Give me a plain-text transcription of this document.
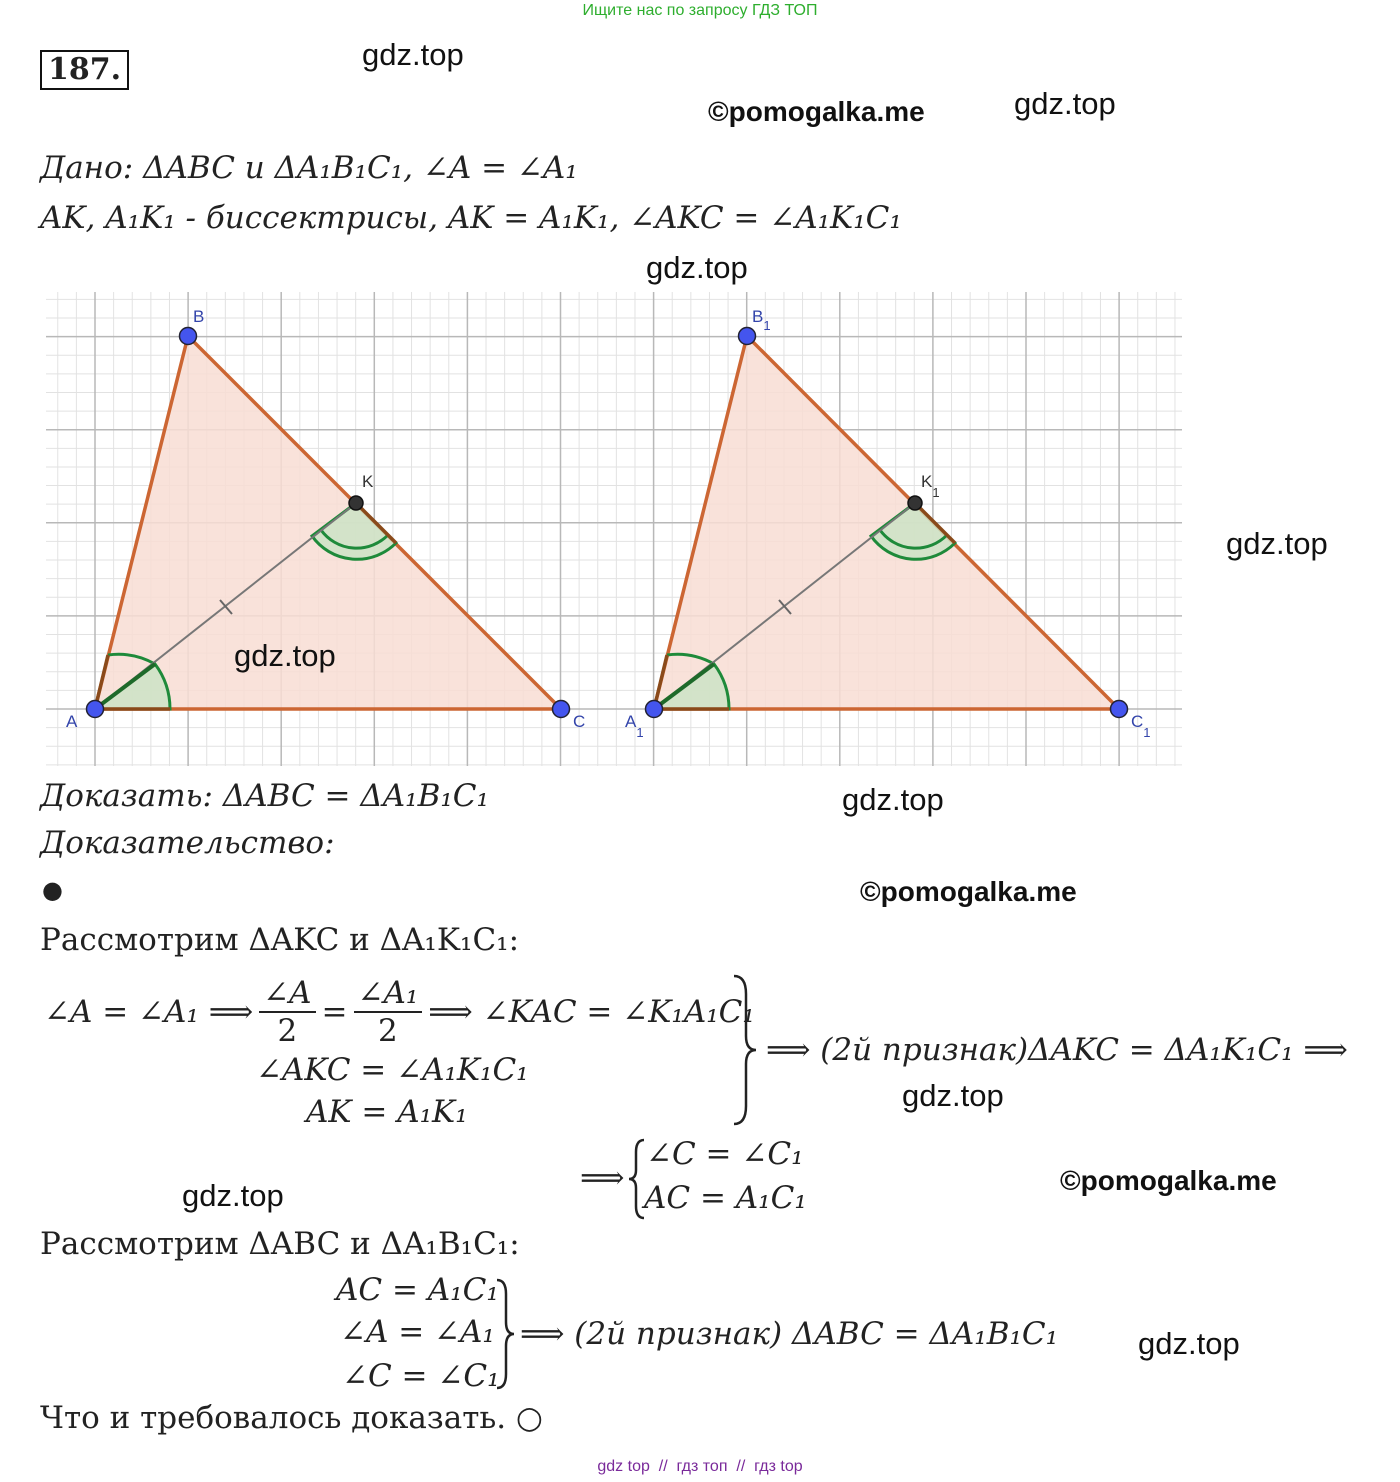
Ищите нас по запросу ГДЗ ТОП
187.	gdz.top
©pomogalka.me	gdz.top
gdz.top
gdz.top
Дано: ΔABC и ΔA₁B₁C₁, ∠A = ∠A₁
AK, A₁K₁ - биссектрисы, AK = A₁K₁, ∠AKC = ∠A₁K₁C₁
A
B
C
K
$A_1$
$B_1$
$C_1$
$K_1$
gdz.top
Доказать: ΔABC = ΔA₁B₁C₁	gdz.top
Доказательство:
●	©pomogalka.me
Рассмотрим ΔAKC и ΔA₁K₁C₁:
∠A = ∠A₁ ⟹ $\frac{\angle A}{2} = \frac{\text{∠A₁}}{2}$ ⟹ ∠KAC = ∠K₁A₁C₁
∠AKC = ∠A₁K₁C₁
AK = A₁K₁
⟹ (2й признак)ΔAKC = ΔA₁K₁C₁ ⟹
gdz.top
⟹
∠C = ∠C₁
AC = A₁C₁
gdz.top	©pomogalka.me
Рассмотрим ΔABC и ΔA₁B₁C₁:
AC = A₁C₁
∠A = ∠A₁
∠C = ∠C₁
⟹ (2й признак) ΔABC = ΔA₁B₁C₁	gdz.top
Что и требовалось доказать. ○
gdz top  //  гдз топ  //  гдз top
